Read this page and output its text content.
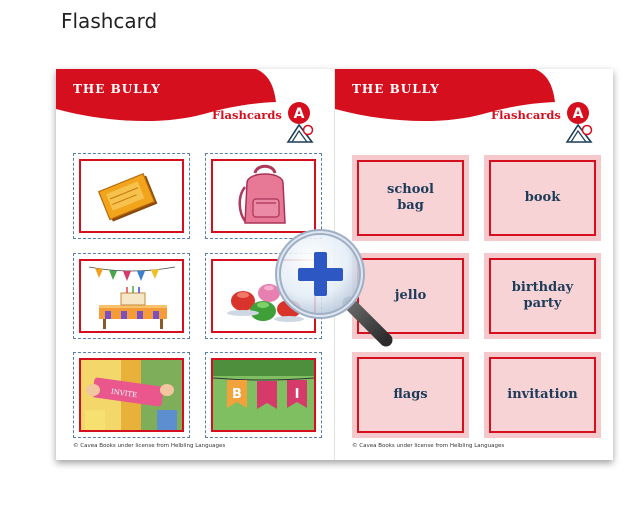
Flashcard
THE BULLY
Flashcards A
INVITE	B	I
© Cavea Books under license from Helbling Languages
THE BULLY
Flashcards A
school
bag
book
jello
birthday
party
flags	invitation
© Cavea Books under license from Helbling Languages
